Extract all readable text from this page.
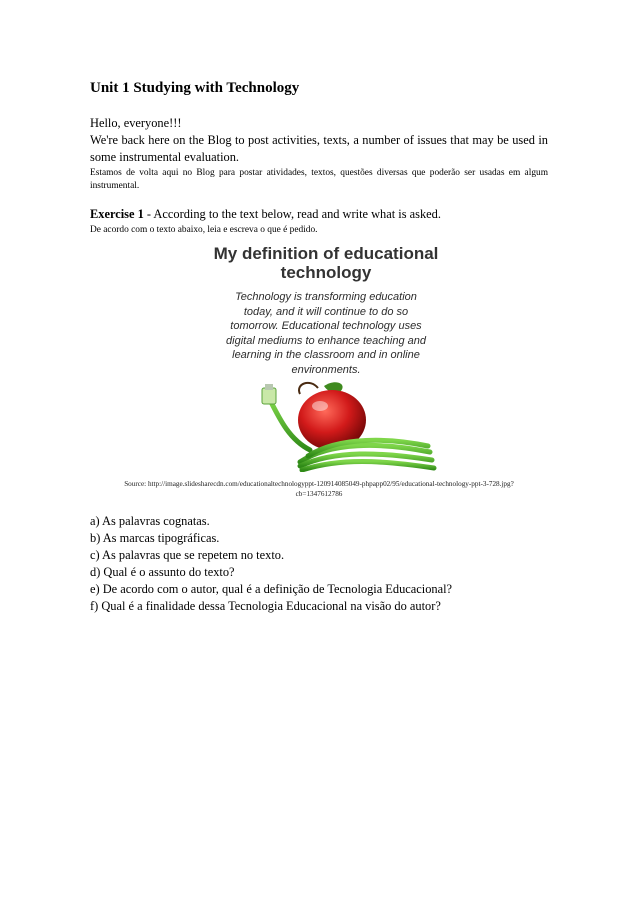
Unit 1 Studying with Technology
Hello, everyone!!!
We're back here on the Blog to post activities, texts, a number of issues that may be used in some instrumental evaluation.
Estamos de volta aqui no Blog para postar atividades, textos, questões diversas que poderão ser usadas em algum instrumental.
Exercise 1 - According to the text below, read and write what is asked.
De acordo com o texto abaixo, leia e escreva o que é pedido.
My definition of educational
technology
Technology is transforming education
today, and it will continue to do so
tomorrow. Educational technology uses
digital mediums to enhance teaching and
learning in the classroom and in online
environments.
Source: http://image.slidesharecdn.com/educationaltechnologyppt-120914085049-phpapp02/95/educational-technology-ppt-3-728.jpg?
cb=1347612786
a) As palavras cognatas.
b) As marcas tipográficas.
c) As palavras que se repetem no texto.
d) Qual é o assunto do texto?
e) De acordo com o autor, qual é a definição de Tecnologia Educacional?
f) Qual é a finalidade dessa Tecnologia Educacional na visão do autor?
